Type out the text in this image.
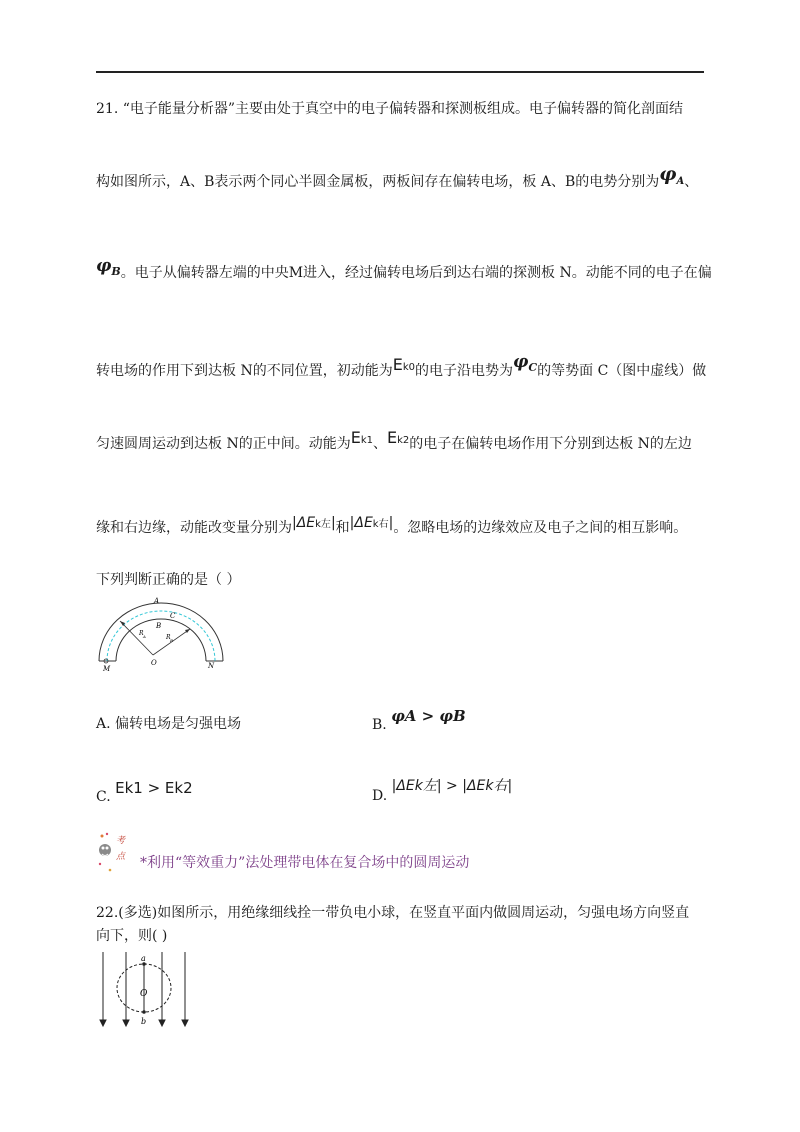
21. “电子能量分析器”主要由处于真空中的电子偏转器和探测板组成。电子偏转器的简化剖面结
构如图所示，A、B表示两个同心半圆金属板，两板间存在偏转电场，板 A、B的电势分别为$\varphi_A$、
$\varphi_B$。电子从偏转器左端的中央M进入，经过偏转电场后到达右端的探测板 N。动能不同的电子在偏
转电场的作用下到达板 N的不同位置，初动能为Ek0的电子沿电势为$\varphi_C$的等势面 C（图中虚线）做
匀速圆周运动到达板 N的正中间。动能为Ek1、Ek2的电子在偏转电场作用下分别到达板 N的左边
缘和右边缘，动能改变量分别为|ΔEk左|和|ΔEk右|。忽略电场的边缘效应及电子之间的相互影响。
下列判断正确的是（ ）
A
C
B
R A	R B
O
M	N
A. 偏转电场是匀强电场	B. φA > φB
C. Ek1 > Ek2	D. |ΔEk左| > |ΔEk右|
考
点 *利用“等效重力”法处理带电体在复合场中的圆周运动
22.(多选)如图所示，用绝缘细线拴一带负电小球，在竖直平面内做圆周运动，匀强电场方向竖直
向下，则( )
a
O
b
